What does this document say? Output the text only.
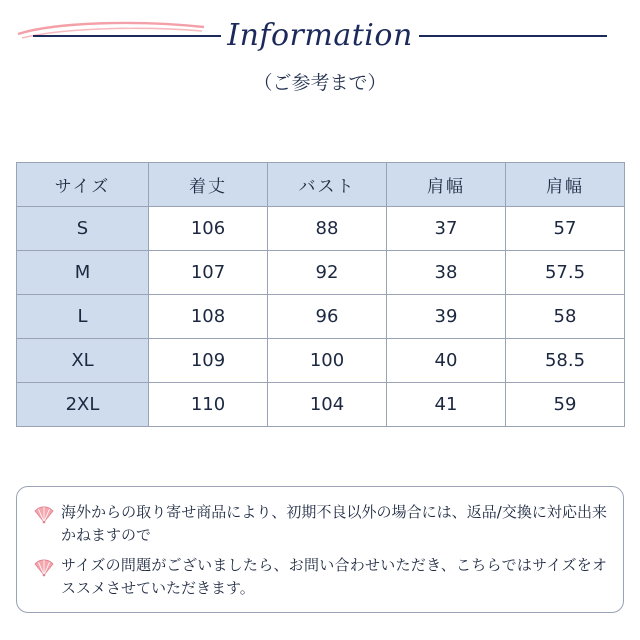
Information
（ご参考まで）
サイズ	着丈	バスト	肩幅	肩幅
S	106	88	37	57
M	107	92	38	57.5
L	108	96	39	58
XL	109	100	40	58.5
2XL	110	104	41	59
海外からの取り寄せ商品により、初期不良以外の場合には、返品/交換に対応出来かねますので
サイズの問題がございましたら、お問い合わせいただき、こちらではサイズをオススメさせていただきます。
